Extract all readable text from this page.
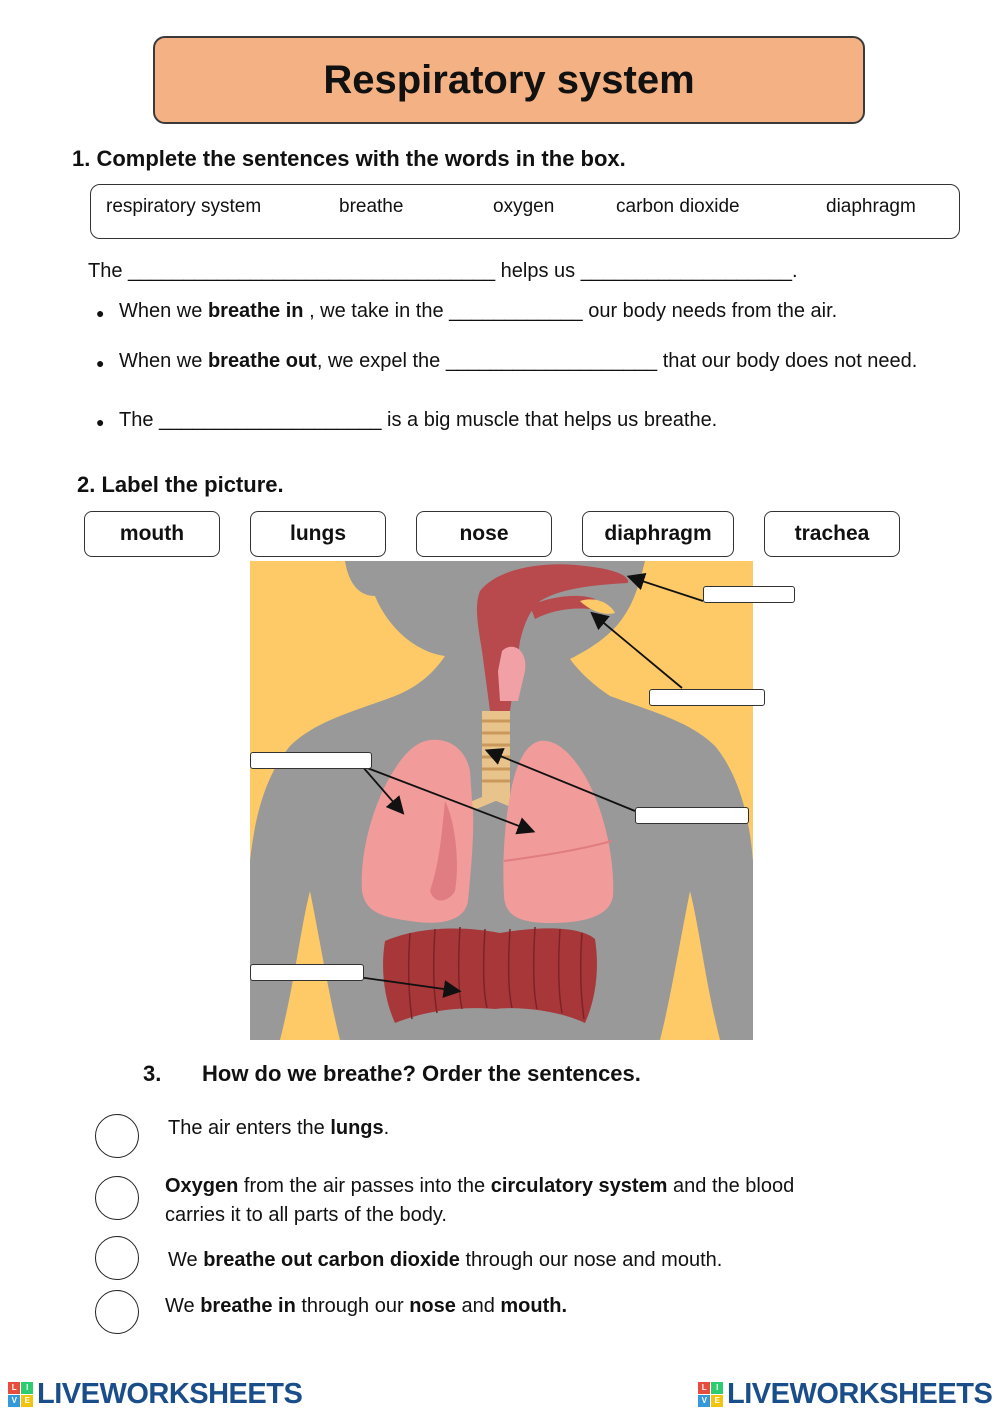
Respiratory system
1. Complete the sentences with the words in the box.
respiratory system	breathe	oxygen	carbon dioxide	diaphragm
The _________________________________ helps us ___________________.
● When we breathe in , we take in the ____________ our body needs from the air.
● When we breathe out, we expel the ___________________ that our body does not need.
● The ____________________ is a big muscle that helps us breathe.
2. Label the picture.
mouth	lungs	nose	diaphragm	trachea
3. How do we breathe? Order the sentences.
The air enters the lungs.
Oxygen from the air passes into the circulatory system and the blood carries it to all parts of the body.
We breathe out carbon dioxide through our nose and mouth.
We breathe in through our nose and mouth.
L	I
V	E LIVEWORKSHEETS	L	I
V	E LIVEWORKSHEETS
